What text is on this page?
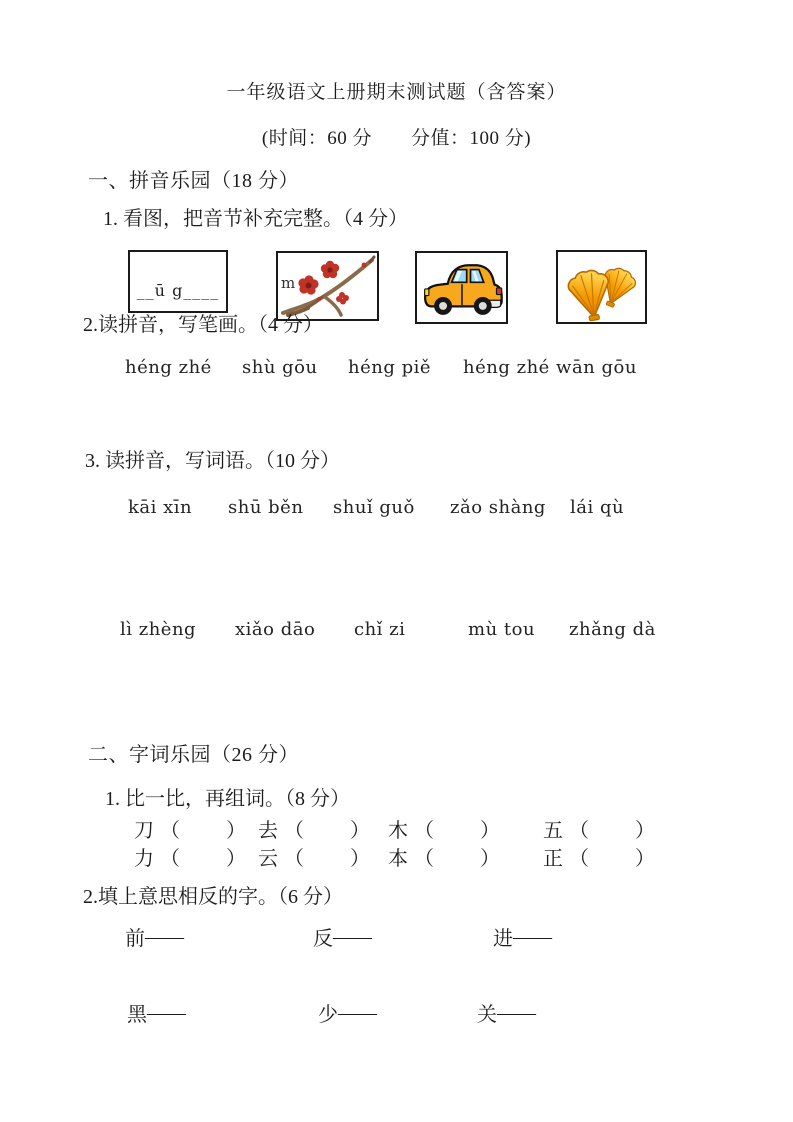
一年级语文上册期末测试题（含答案）
(时间：60 分　　分值：100 分)
一、拼音乐园（18 分）
1. 看图，把音节补充完整。（4 分）
__ū g____	m
2.读拼音，写笔画。（4 分）
héng zhé shù gōu héng piě héng zhé wān gōu
3. 读拼音，写词语。（10 分）
kāi xīn shū běn shuǐ guǒ zǎo shàng lái qù
lì zhèng xiǎo dāo chǐ zi	mù tou zhǎng dà
二、字词乐园（26 分）
1. 比一比，再组词。（8 分）
刀 （ ） 去 （ ） 木 （ ） 五 （ ）
力 （ ） 云 （ ） 本 （ ） 正 （ ）
2.填上意思相反的字。（6 分）
前——	反——	进——
黑——	少——	关——
